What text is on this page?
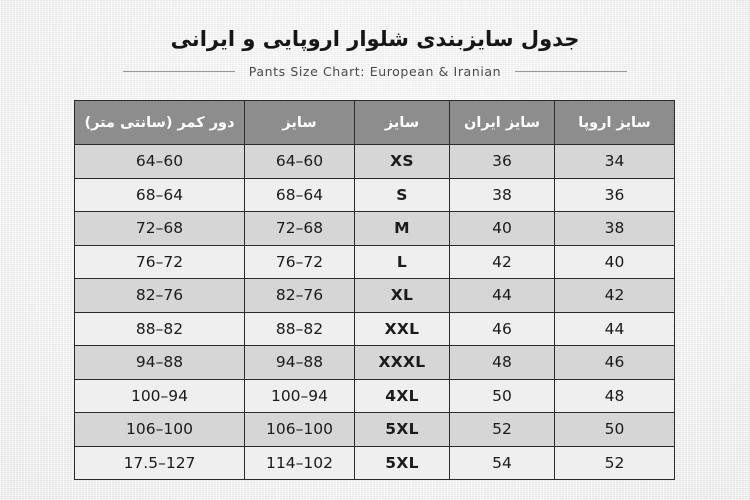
جدول سایزبندی شلوار اروپایی و ایرانی
Pants Size Chart: European & Iranian
سایز اروپا	سایز ایران	سایز	سایز	دور کمر (سانتی متر)
34	36	XS	60–64	60–64
36	38	S	64–68	64–68
38	40	M	68–72	68–72
40	42	L	72–76	72–76
42	44	XL	76–82	76–82
44	46	XXL	82–88	82–88
46	48	XXXL	88–94	88–94
48	50	4XL	94–100	94–100
50	52	5XL	100–106	100–106
52	54	5XL	102–114	127–17.5
